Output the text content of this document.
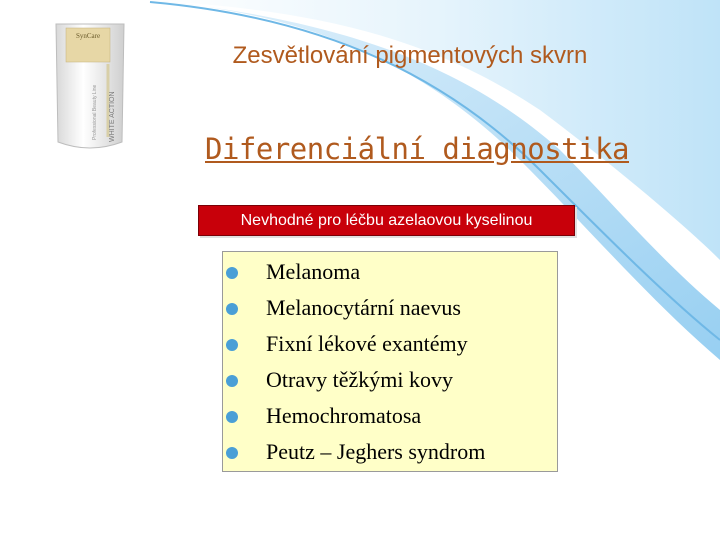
SynCare
Professional Beauty Line WHITE ACTION
Zesvětlování pigmentových skvrn
Diferenciální diagnostika
Nevhodné pro léčbu azelaovou kyselinou
Melanoma
Melanocytární naevus
Fixní lékové exantémy
Otravy těžkými kovy
Hemochromatosa
Peutz – Jeghers syndrom
